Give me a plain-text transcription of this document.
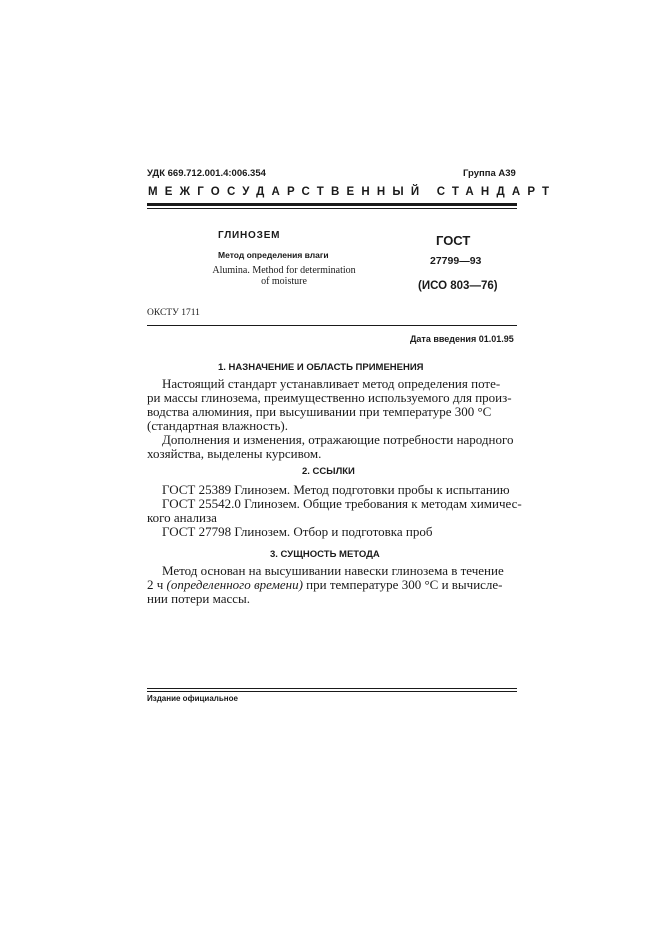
УДК 669.712.001.4:006.354	Группа А39
МЕЖГОСУДАРСТВЕННЫЙ СТАНДАРТ
ГЛИНОЗЕМ
Метод определения влаги
Alumina. Method for determination
of moisture
ГОСТ
27799—93
(ИСО 803—76)
ОКСТУ 1711
Дата введения 01.01.95
1. НАЗНАЧЕНИЕ И ОБЛАСТЬ ПРИМЕНЕНИЯ
Настоящий стандарт устанавливает метод определения поте-
ри массы глинозема, преимущественно используемого для произ-
водства алюминия, при высушивании при температуре 300 °С
(стандартная влажность).
Дополнения и изменения, отражающие потребности народного
хозяйства, выделены курсивом.
2. ССЫЛКИ
ГОСТ 25389 Глинозем. Метод подготовки пробы к испытанию
ГОСТ 25542.0 Глинозем. Общие требования к методам химичес-
кого анализа
ГОСТ 27798 Глинозем. Отбор и подготовка проб
3. СУЩНОСТЬ МЕТОДА
Метод основан на высушивании навески глинозема в течение
2 ч (определенного времени) при температуре 300 °С и вычисле-
нии потери массы.
Издание официальное
